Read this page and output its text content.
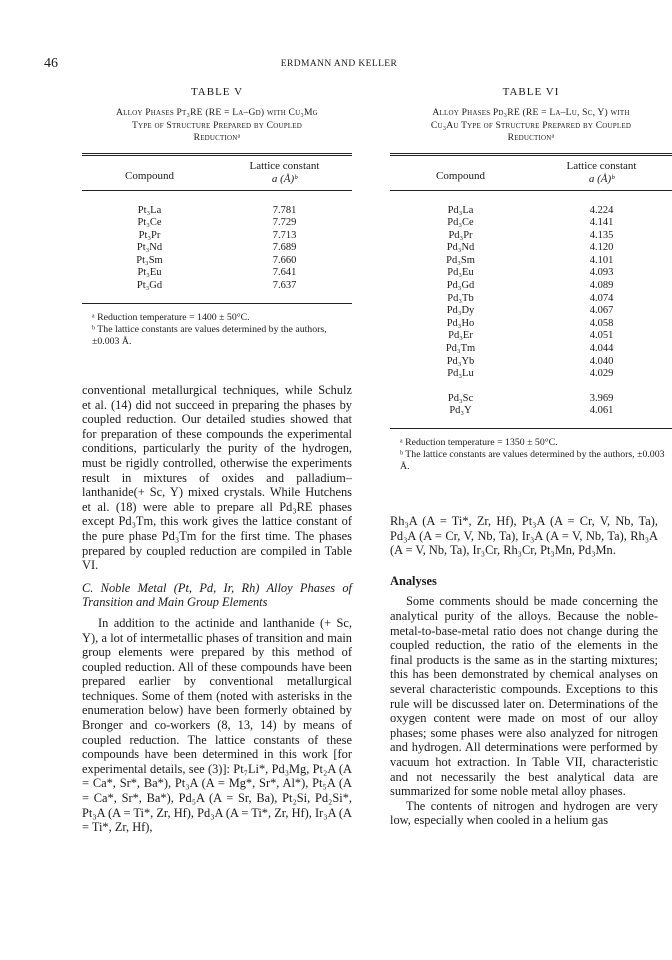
46	ERDMANN AND KELLER
TABLE V
Alloy Phases Pt₃RE (RE = La–Gd) with Cu₃Mg
Type of Structure Prepared by Coupled
Reductionᵃ
Compound
Lattice constant
a (Å)ᵇ
Pt₃La	7.781
Pt₃Ce	7.729
Pt₃Pr	7.713
Pt₃Nd	7.689
Pt₃Sm	7.660
Pt₃Eu	7.641
Pt₃Gd	7.637
ᵃ Reduction temperature = 1400 ± 50°C.
ᵇ The lattice constants are values determined by the authors, ±0.003 Å.

conventional metallurgical techniques, while Schulz et al. (14) did not succeed in preparing the phases by coupled reduction. Our detailed studies showed that for preparation of these compounds the experimental conditions, particularly the purity of the hydrogen, must be rigidly controlled, otherwise the experiments result in mixtures of oxides and palladium–lanthanide(+ Sc, Y) mixed crystals. While Hutchens et al. (18) were able to prepare all Pd₃RE phases except Pd₃Tm, this work gives the lattice constant of the pure phase Pd₃Tm for the first time. The phases prepared by coupled reduction are compiled in Table VI.

C. Noble Metal (Pt, Pd, Ir, Rh) Alloy Phases of Transition and Main Group Elements

In addition to the actinide and lanthanide (+ Sc, Y), a lot of intermetallic phases of transition and main group elements were prepared by this method of coupled reduction. All of these compounds have been prepared earlier by conventional metallurgical techniques. Some of them (noted with asterisks in the enumeration below) have been formerly obtained by Bronger and co-workers (8, 13, 14) by means of coupled reduction. The lattice constants of these compounds have been determined in this work [for experimental details, see (3)]: Pt₇Li*, Pd₃Mg, Pt₂A (A = Ca*, Sr*, Ba*), Pt₃A (A = Mg*, Sr*, Al*), Pt₅A (A = Ca*, Sr*, Ba*), Pd₅A (A = Sr, Ba), Pt₂Si, Pd₂Si*, Pt₃A (A = Ti*, Zr, Hf), Pd₃A (A = Ti*, Zr, Hf), Ir₃A (A = Ti*, Zr, Hf),

TABLE VI
Alloy Phases Pd₃RE (RE = La–Lu, Sc, Y) with
Cu₃Au Type of Structure Prepared by Coupled
Reductionᵃ
Compound
Lattice constant
a (Å)ᵇ
Pd₃La	4.224
Pd₃Ce	4.141
Pd₃Pr	4.135
Pd₃Nd	4.120
Pd₃Sm	4.101
Pd₃Eu	4.093
Pd₃Gd	4.089
Pd₃Tb	4.074
Pd₃Dy	4.067
Pd₃Ho	4.058
Pd₃Er	4.051
Pd₃Tm	4.044
Pd₃Yb	4.040
Pd₃Lu	4.029
Pd₃Sc	3.969
Pd₃Y	4.061
ᵃ Reduction temperature = 1350 ± 50°C.
ᵇ The lattice constants are values determined by the authors, ±0.003 Å.

Rh₃A (A = Ti*, Zr, Hf), Pt₃A (A = Cr, V, Nb, Ta), Pd₃A (A = Cr, V, Nb, Ta), Ir₃A (A = V, Nb, Ta), Rh₃A (A = V, Nb, Ta), Ir₃Cr, Rh₃Cr, Pt₃Mn, Pd₃Mn.

Analyses

Some comments should be made concerning the analytical purity of the alloys. Because the noble-metal-to-base-metal ratio does not change during the coupled reduction, the ratio of the elements in the final products is the same as in the starting mixtures; this has been demonstrated by chemical analyses on several characteristic compounds. Exceptions to this rule will be discussed later on. Determinations of the oxygen content were made on most of our alloy phases; some phases were also analyzed for nitrogen and hydrogen. All determinations were performed by vacuum hot extraction. In Table VII, characteristic and not necessarily the best analytical data are summarized for some noble metal alloy phases.

The contents of nitrogen and hydrogen are very low, especially when cooled in a helium gas
